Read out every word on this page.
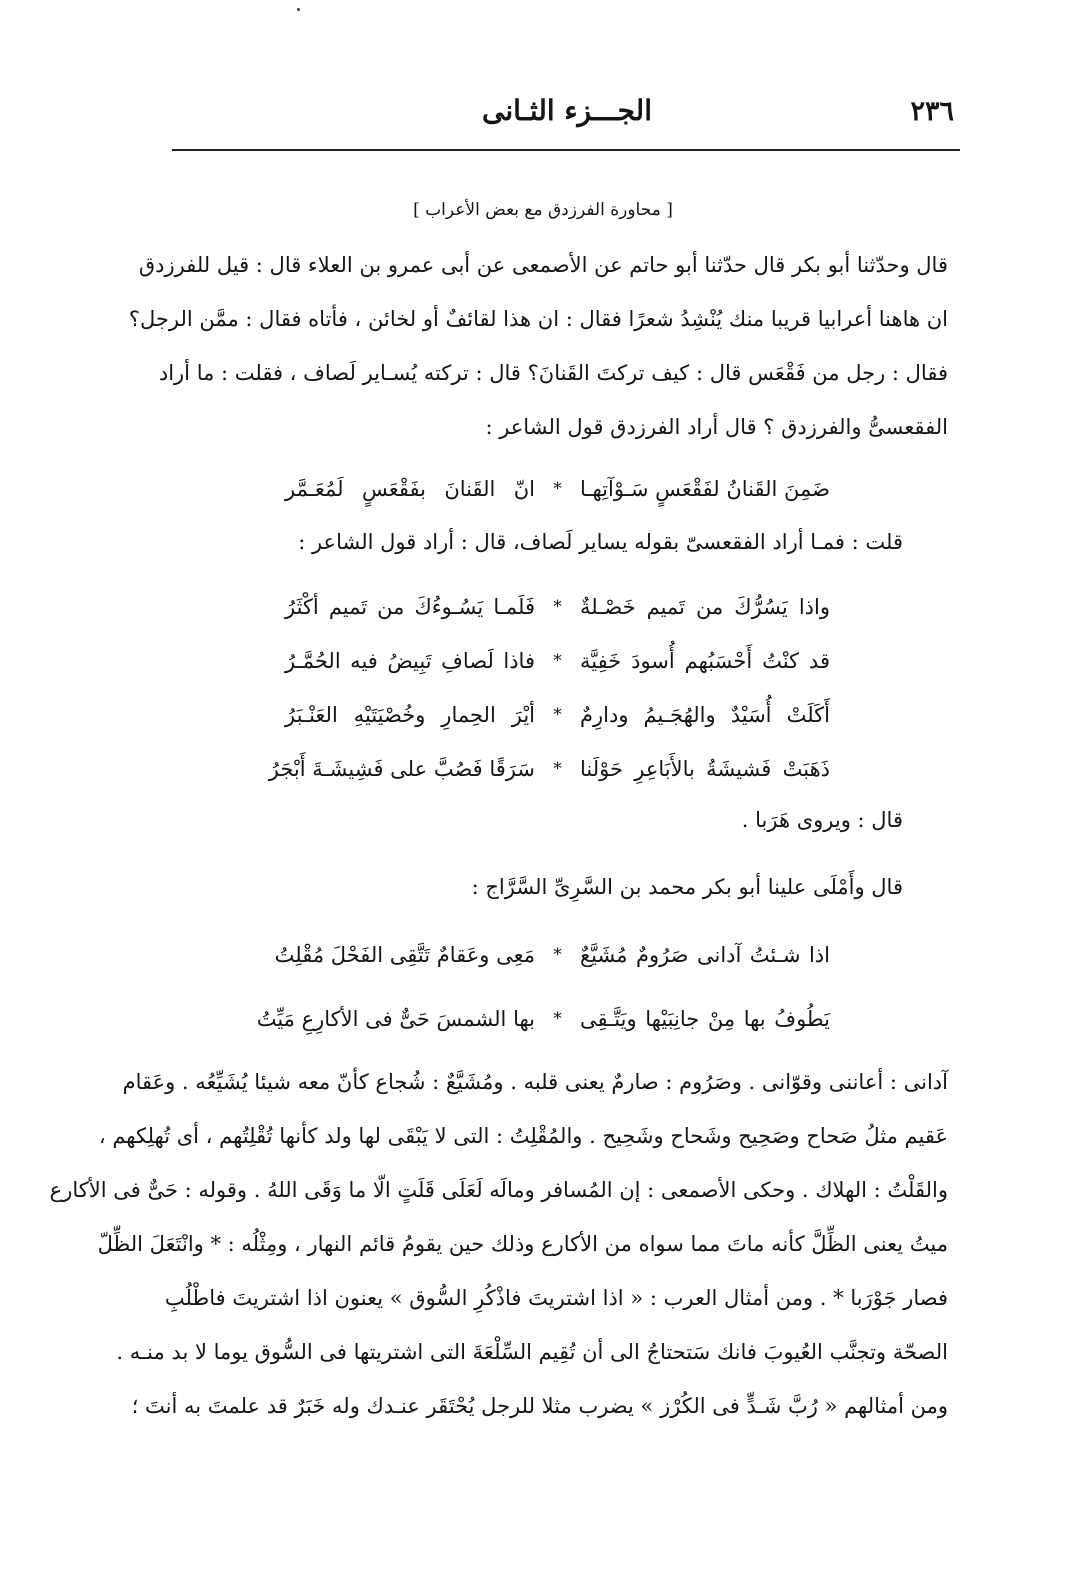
٢٣٦
الجـــزء الثـانى
[ محاورة الفرزدق مع بعض الأعراب ]
قال وحدّثنا أبو بكر قال حدّثنا أبو حاتم عن الأصمعى عن أبى عمرو بن العلاء قال : قيل للفرزدق
ان هاهنا أعرابيا قريبا منك يُنْشِدُ شعرًا فقال : ان هذا لقائفٌ أو لخائن ، فأتاه فقال : ممَّن الرجل؟
فقال : رجل من فَقْعَس قال : كيف تركتَ القَنانَ؟ قال : تركته يُسـاير لَصاف ، فقلت : ما أراد
الفقعسىُّ والفرزدق ؟ قال أراد الفرزدق قول الشاعر :
ضَمِنَ القَنانُ لفَقْعَسٍ سَـوْآتِهـا
*
انّ القَنانَ بفَقْعَسٍ لَمُعَـمَّر
قلت : فمـا أراد الفقعسىّ بقوله يساير لَصاف، قال : أراد قول الشاعر :
واذا يَسُرُّكَ من تَميم خَصْـلةٌ
*
فَلَمـا يَسُـوءُكَ من تَميم أكْثَرُ
قد كنْتُ أَحْسَبُهم أُسودَ خَفِيَّة
*
فاذا لَصافِ تَبِيضُ فيه الحُمَّـرُ
أَكَلَتْ أُسَيْدٌ والهُجَـيمُ ودارِمٌ
*
أيْرَ الحِمارِ وخُصْيَتَيْهِ العَنْـبَرُ
ذَهَبَتْ فَشيشَةُ بالأَبَاعِرِ حَوْلَنا
*
سَرَقًا فَصُبَّ على فَشِيشَـةَ أَبْجَرُ
قال : ويروى هَرَبا .
قال وأَمْلَى علينا أبو بكر محمد بن السَّرِىِّ السَّرَّاج :
اذا شـئتُ آدانى صَرُومٌ مُشَيَّعٌ
*
مَعِى وعَقامٌ تَتَّقِى الفَحْلَ مُقْلِتُ
يَطُوفُ بها مِنْ جانِبَيْها ويَتَّـقِى
*
بها الشمسَ حَىٌّ فى الأكارِعِ مَيِّتُ
آدانى : أعاننى وقوّانى . وصَرُوم : صارمٌ يعنى قلبه . ومُشَيَّعٌ : شُجاع كأنّ معه شيئا يُشَيِّعُه . وعَقام
عَقيم مثلُ صَحاح وصَحِيح وشَحاح وشَحِيح . والمُقْلِتُ : التى لا يَبْقَى لها ولد كأنها تُقْلِتُهم ، أى تُهلِكهم ،
والقَلْتُ : الهلاك . وحكى الأصمعى : إن المُسافر ومالَه لَعَلَى قَلَتٍ الّا ما وَقَى اللهُ . وقوله : حَىٌّ فى الأكارع
ميتُ يعنى الظِّلَّ كأنه ماتَ مما سواه من الأكارع وذلك حين يقومُ قائم النهار ، ومِثْلُه : * وانْتَعَلَ الظِّلّ
فصار جَوْرَبا * . ومن أمثال العرب : « اذا اشتريتَ فاذْكُرِ السُّوق » يعنون اذا اشتريتَ فاطْلُبِ
الصحّة وتجنَّب العُيوبَ فانك سَتحتاجُ الى أن تُقِيم السِّلْعَةَ التى اشتريتها فى السُّوق يوما لا بد منـه .
ومن أمثالهم « رُبَّ شَـدٍّ فى الكُرْز » يضرب مثلا للرجل يُحْتَقَر عنـدك وله خَبَرٌ قد علمتَ به أنتَ ؛
